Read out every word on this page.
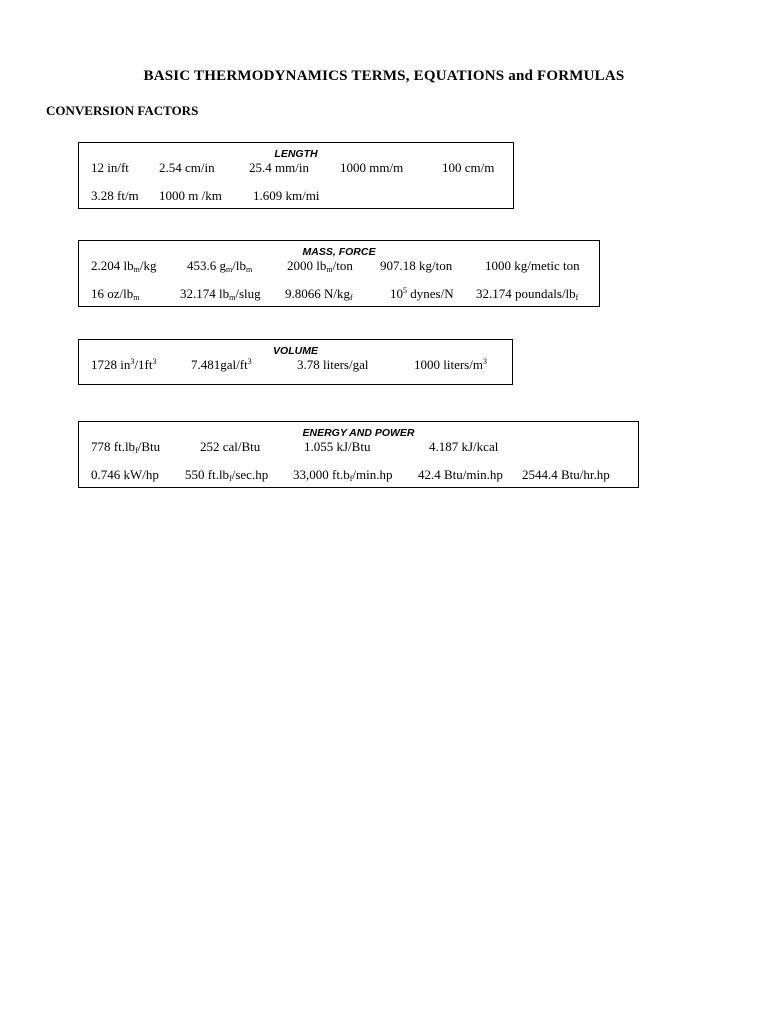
BASIC THERMODYNAMICS TERMS, EQUATIONS and FORMULAS
CONVERSION FACTORS
LENGTH
12 in/ft 2.54 cm/in	25.4 mm/in 1000 mm/m	100 cm/m
3.28 ft/m 1000 m /km 1.609 km/mi
MASS, FORCE
2.204 $lb_m/kg$ 453.6 $g_m/lb_m$	2000 $lb_m$/ton 907.18 kg/ton	1000 kg/metic ton
16 $oz/lb_m$	32.174 $lb_m$/slug 9.8066 $N/kg_f$	$10^5$ dynes/N 32.174 poundals/$lb_f$
VOLUME
1728 $in^3/1ft^3$	$7.481gal/ft^3$	3.78 liters/gal	1000 liters/$m^3$
ENERGY AND POWER
778 $ft.lb_f$/Btu	252 cal/Btu	1.055 kJ/Btu	4.187 kJ/kcal
0.746 kW/hp 550 $ft.lb_f/\sec.hp$ 33,000 $ft.b_f/\min.hp$ 42.4 Btu/min.hp 2544.4 Btu/hr.hp
